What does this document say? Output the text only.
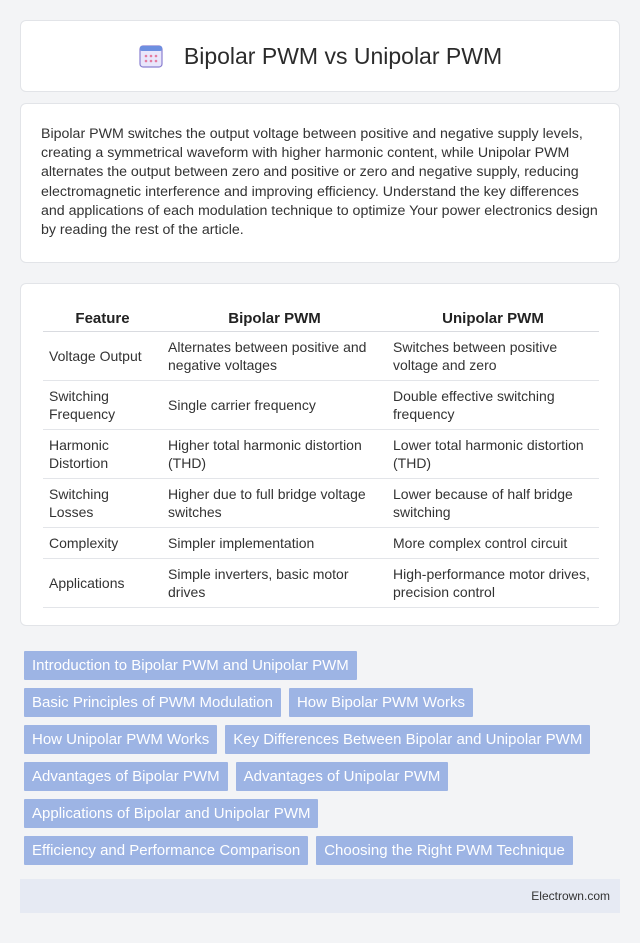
Bipolar PWM vs Unipolar PWM

Bipolar PWM switches the output voltage between positive and negative supply levels, creating a symmetrical waveform with higher harmonic content, while Unipolar PWM alternates the output between zero and positive or zero and negative supply, reducing electromagnetic interference and improving efficiency. Understand the key differences and applications of each modulation technique to optimize Your power electronics design by reading the rest of the article.

Feature	Bipolar PWM	Unipolar PWM
Voltage Output	Alternates between positive and negative voltages	Switches between positive voltage and zero
Switching Frequency	Single carrier frequency	Double effective switching frequency
Harmonic Distortion	Higher total harmonic distortion (THD)	Lower total harmonic distortion (THD)
Switching Losses	Higher due to full bridge voltage switches	Lower because of half bridge switching
Complexity	Simpler implementation	More complex control circuit
Applications	Simple inverters, basic motor drives	High-performance motor drives, precision control
Introduction to Bipolar PWM and Unipolar PWM
Basic Principles of PWM Modulation	How Bipolar PWM Works
How Unipolar PWM Works	Key Differences Between Bipolar and Unipolar PWM
Advantages of Bipolar PWM	Advantages of Unipolar PWM
Applications of Bipolar and Unipolar PWM
Efficiency and Performance Comparison	Choosing the Right PWM Technique
Electrown.com
